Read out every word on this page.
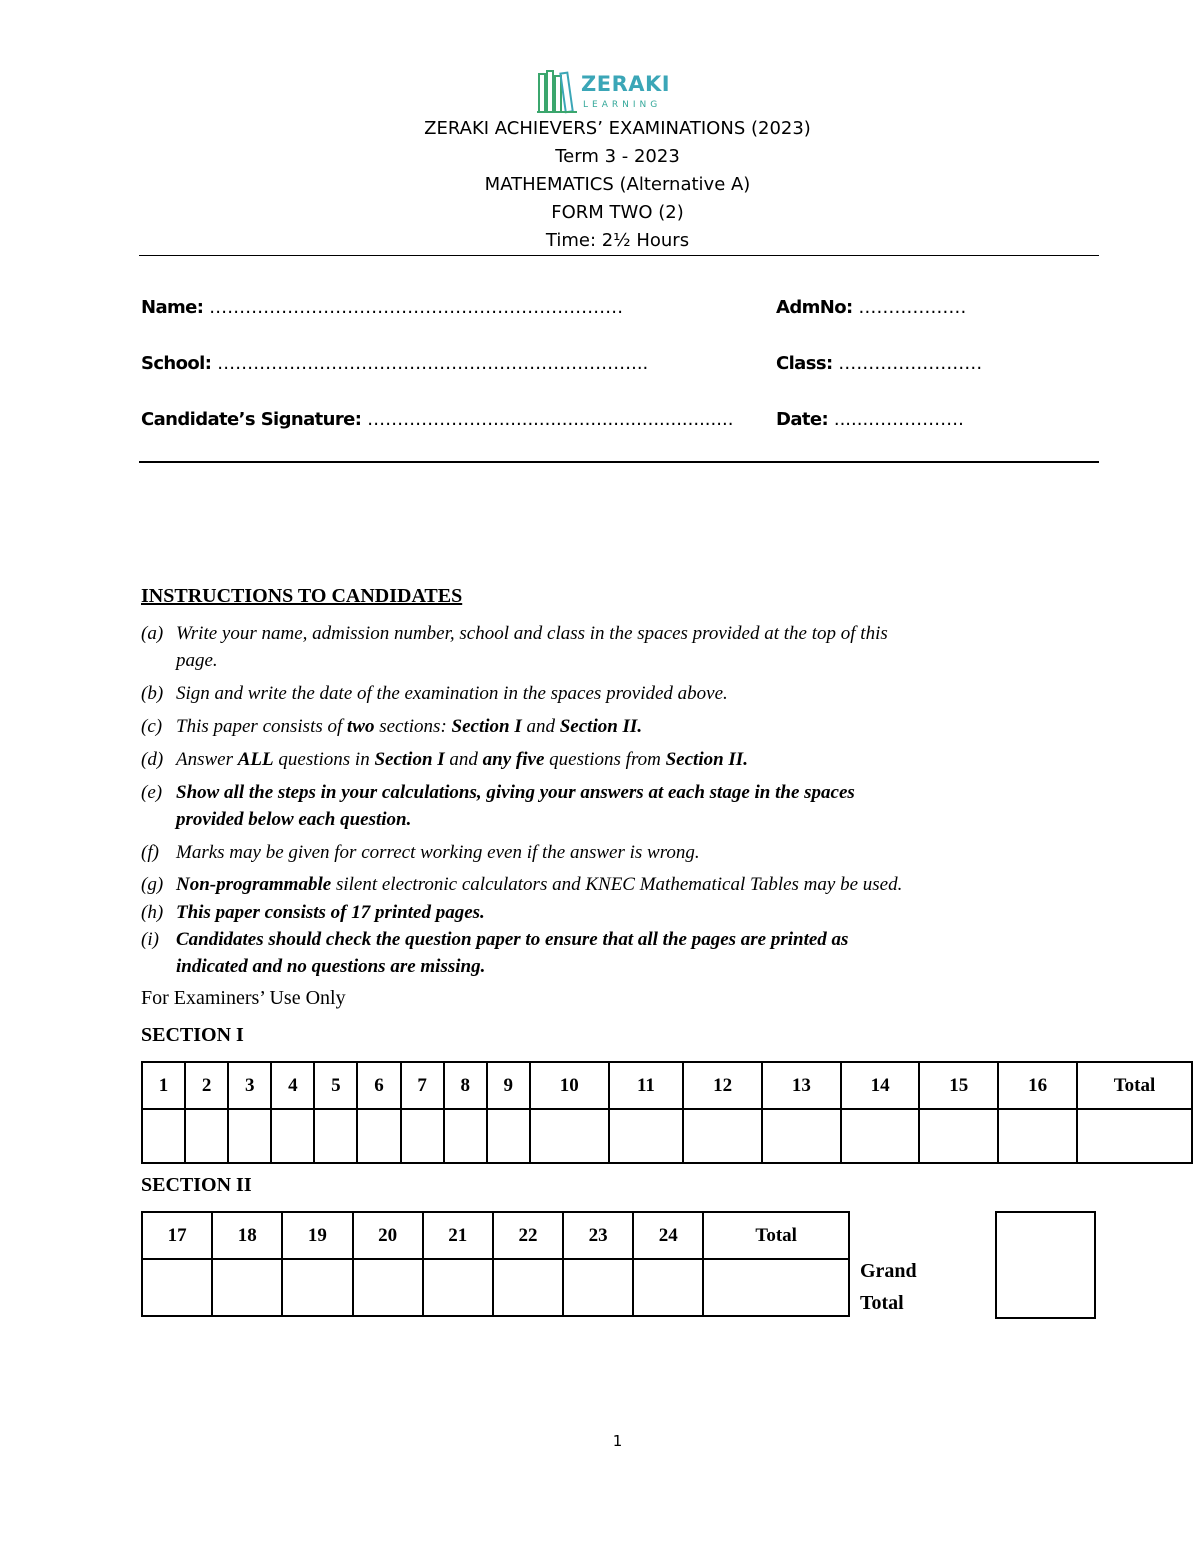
ZERAKI
LEARNING
ZERAKI ACHIEVERS’ EXAMINATIONS (2023)
Term 3 - 2023
MATHEMATICS (Alternative A)
FORM TWO (2)
Time: 2½ Hours
Name: ……………………………………………………………	AdmNo: ………………
School: ……………………………………………………………...	Class: ……………………
Candidate’s Signature: ………………….......................................... Date: ......…………….
INSTRUCTIONS TO CANDIDATES
(a) Write your name, admission number, school and class in the spaces provided at the top of this
page.
(b) Sign and write the date of the examination in the spaces provided above.
(c) This paper consists of two sections: Section I and Section II.
(d) Answer ALL questions in Section I and any five questions from Section II.
(e) Show all the steps in your calculations, giving your answers at each stage in the spaces
provided below each question.
(f) Marks may be given for correct working even if the answer is wrong.
(g) Non-programmable silent electronic calculators and KNEC Mathematical Tables may be used.
(h) This paper consists of 17 printed pages.
(i) Candidates should check the question paper to ensure that all the pages are printed as
indicated and no questions are missing.
For Examiners’ Use Only
SECTION I
1	2	3	4	5	6	7	8	9	10	11	12	13	14	15	16	Total

SECTION II
17	18	19	20	21	22	23	24	Total

Grand
Total
1
